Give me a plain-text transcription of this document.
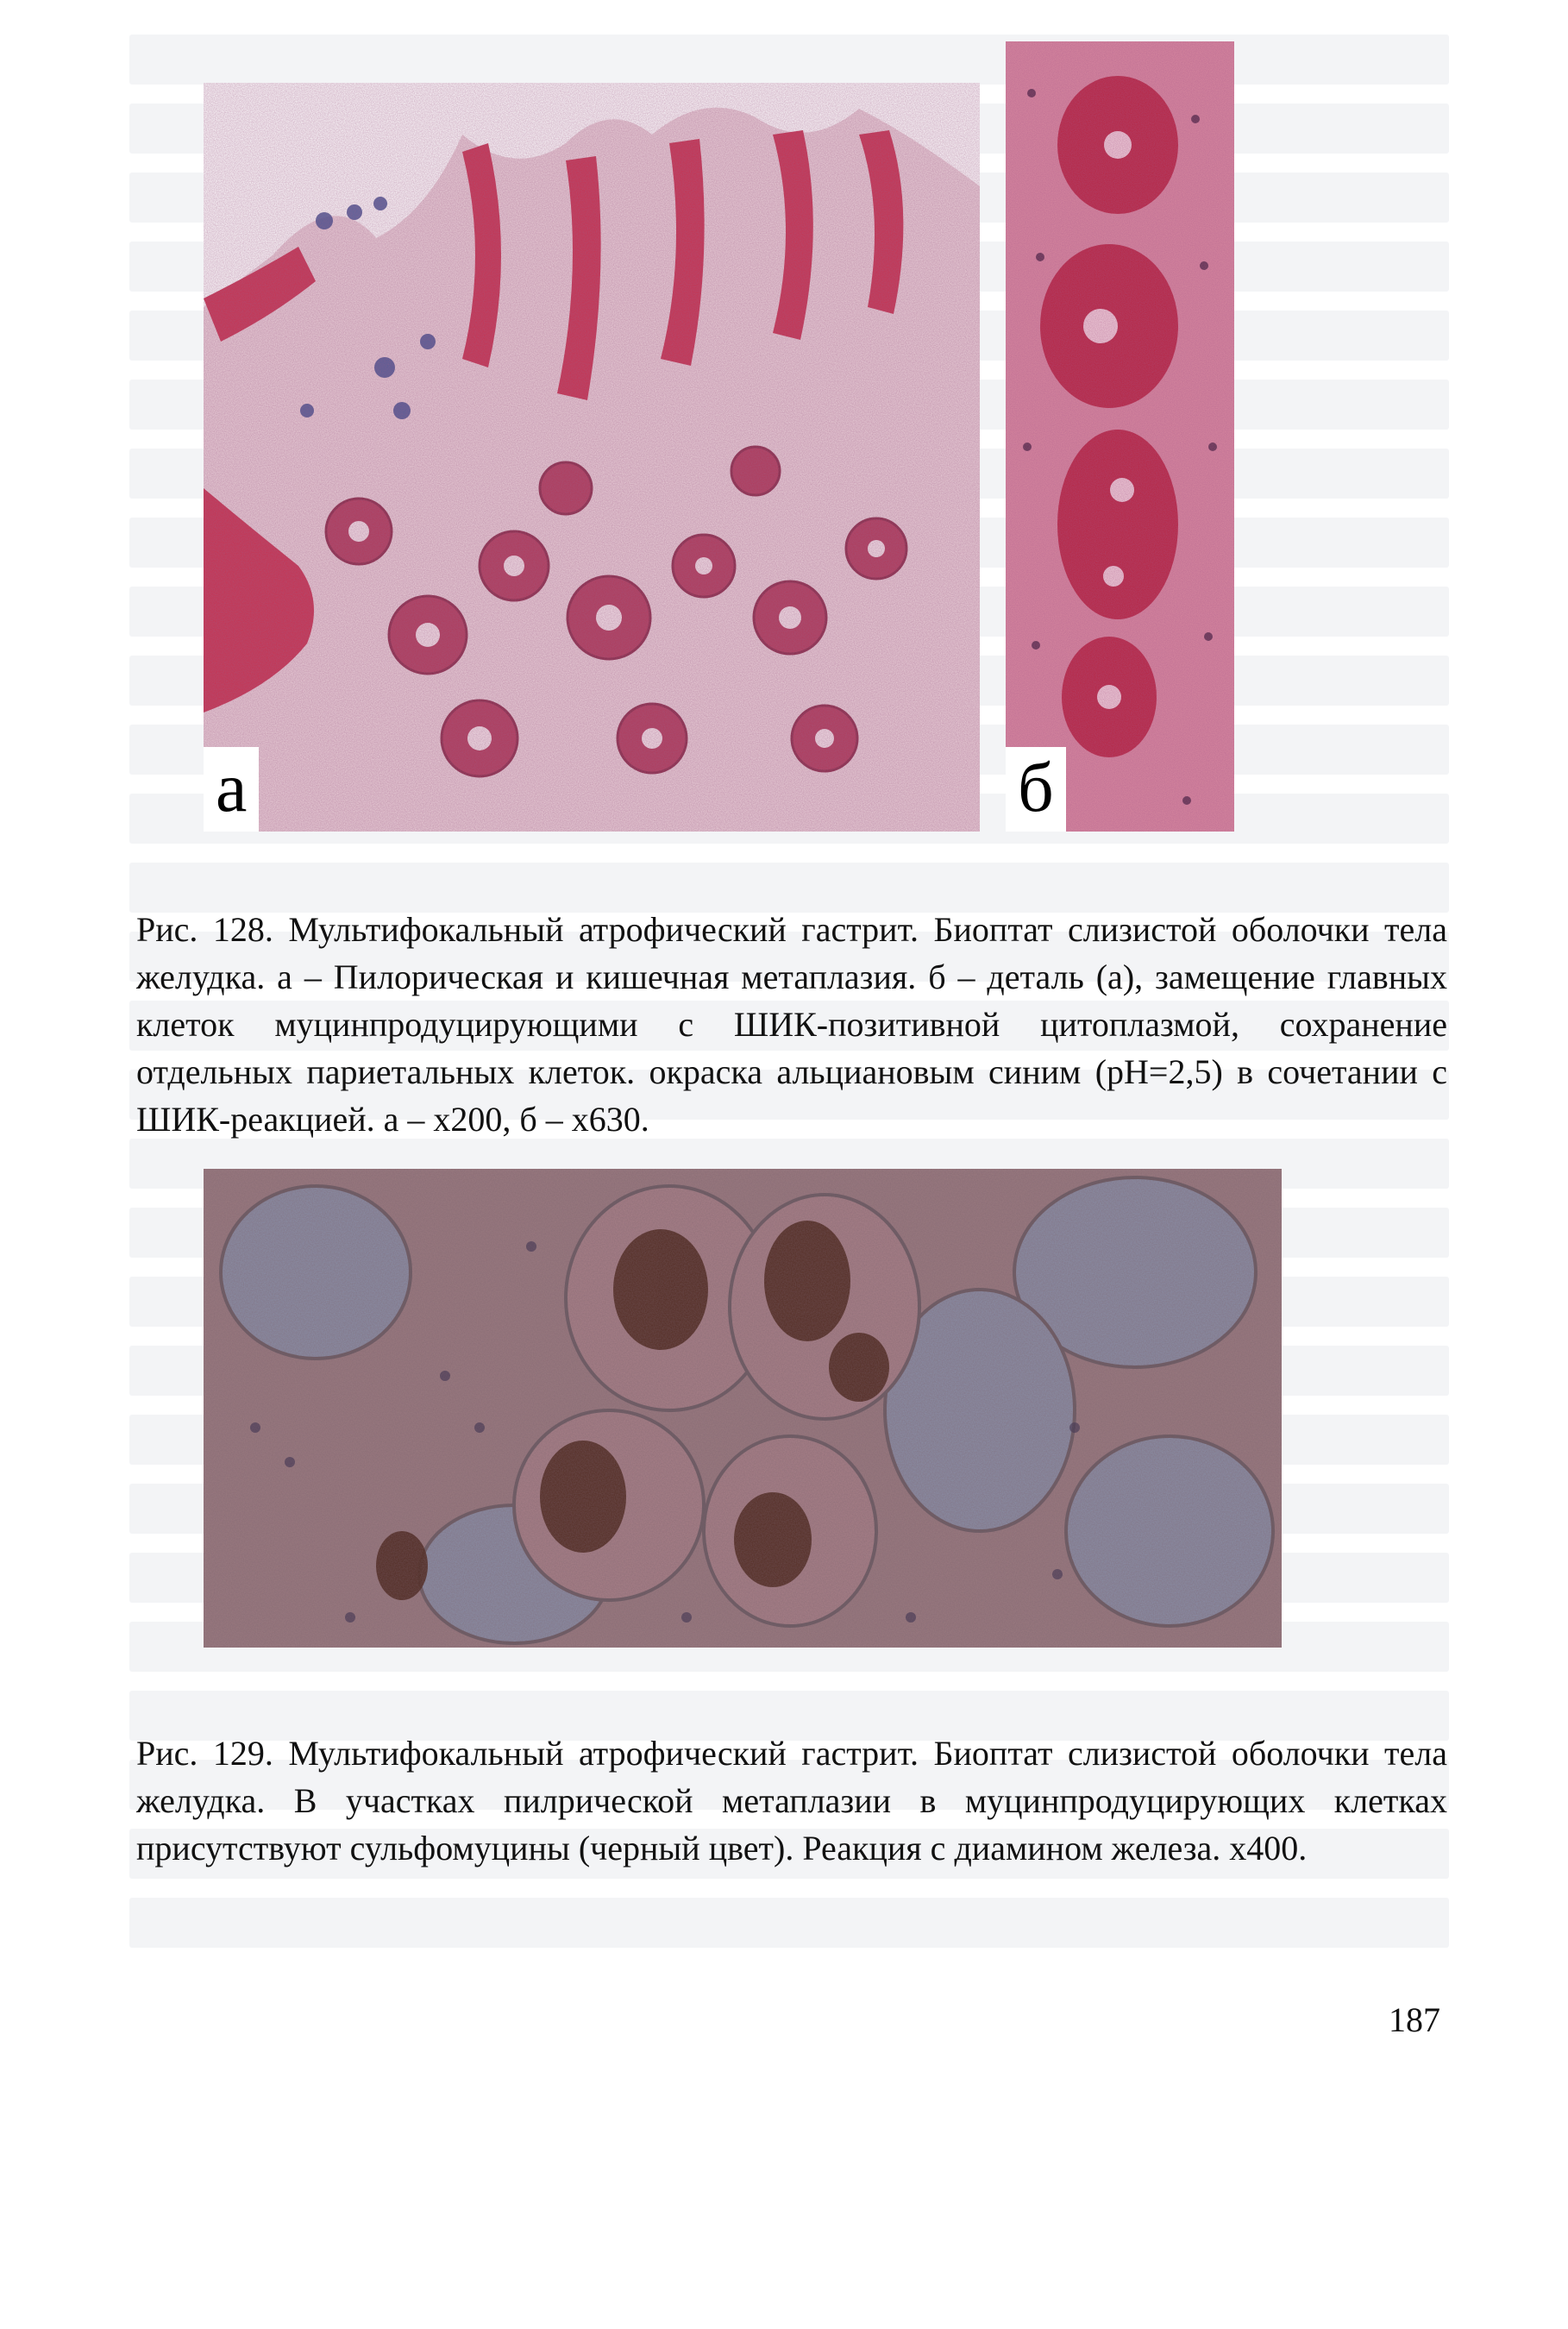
а	б

Рис. 128. Мультифокальный атрофический гастрит. Биоптат слизистой оболочки тела желудка. а – Пилорическая и кишечная метаплазия. б – деталь (а), замещение главных клеток муцинпродуцирующими с ШИК-позитивной цитоплазмой, сохранение отдельных париетальных клеток. окраска альциановым синим (pH=2,5) в сочетании с ШИК-реакцией. а – x200, б – x630.

Рис. 129. Мультифокальный атрофический гастрит. Биоптат слизистой оболочки тела желудка. В участках пилрической метаплазии в муцинпродуцирующих клетках присутствуют сульфомуцины (черный цвет). Реакция с диамином железа. x400.

187
